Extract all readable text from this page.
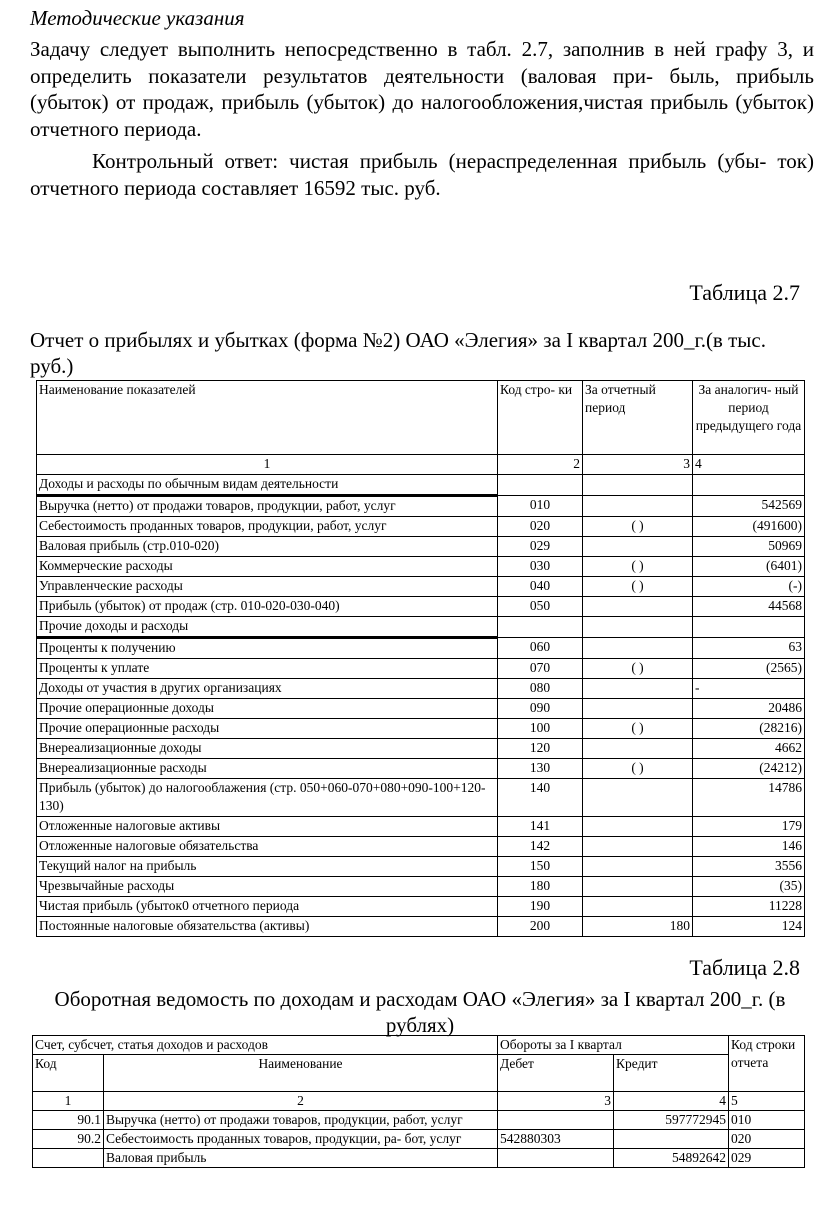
Методические указания
Задачу следует выполнить непосредственно в табл. 2.7, заполнив в ней графу 3, и определить показатели результатов деятельности (валовая при- быль, прибыль (убыток) от продаж, прибыль (убыток) до налогообложения,чистая прибыль (убыток) отчетного периода.
Контрольный ответ: чистая прибыль (нераспределенная прибыль (убы- ток) отчетного периода составляет 16592 тыс. руб.
Таблица 2.7
Отчет о прибылях и убытках (форма №2) ОАО «Элегия» за I квартал 200_г.(в тыс. руб.)
Наименование показателей	Код стро- ки	За отчетный период	За аналогич- ный период предыдущего года
1	2	3	4
Доходы и расходы по обычным видам деятельности			
Выручка (нетто) от продажи товаров, продукции, работ, услуг	010		542569
Себестоимость проданных товаров, продукции, работ, услуг	020	( )	(491600)
Валовая прибыль (стр.010-020)	029		50969
Коммерческие расходы	030	( )	(6401)
Управленческие расходы	040	( )	(-)
Прибыль (убыток) от продаж (стр. 010-020-030-040)	050		44568
Прочие доходы и расходы			
Проценты к получению	060		63
Проценты к уплате	070	( )	(2565)
Доходы от участия в других организациях	080		-
Прочие операционные доходы	090		20486
Прочие операционные расходы	100	( )	(28216)
Внереализационные доходы	120		4662
Внереализационные расходы	130	( )	(24212)
Прибыль (убыток) до налогооблажения (стр. 050+060-070+080+090-100+120-130)	140		14786
Отложенные налоговые активы	141		179
Отложенные налоговые обязательства	142		146
Текущий налог на прибыль	150		3556
Чрезвычайные расходы	180		(35)
Чистая прибыль (убыток0 отчетного периода	190		11228
Постоянные налоговые обязательства (активы)	200	180	124
Таблица 2.8
Оборотная ведомость по доходам и расходам ОАО «Элегия» за I квартал 200_г. (в рублях)
Счет, субсчет, статья доходов и расходов		Обороты за I квартал		Код строки отчета
Код	Наименование	Дебет	Кредит	
1	2	3	4	5
90.1	Выручка (нетто) от продажи товаров, продукции, работ, услуг		597772945	010
90.2	Себестоимость проданных товаров, продукции, ра- бот, услуг	542880303		020
	Валовая прибыль		54892642	029
